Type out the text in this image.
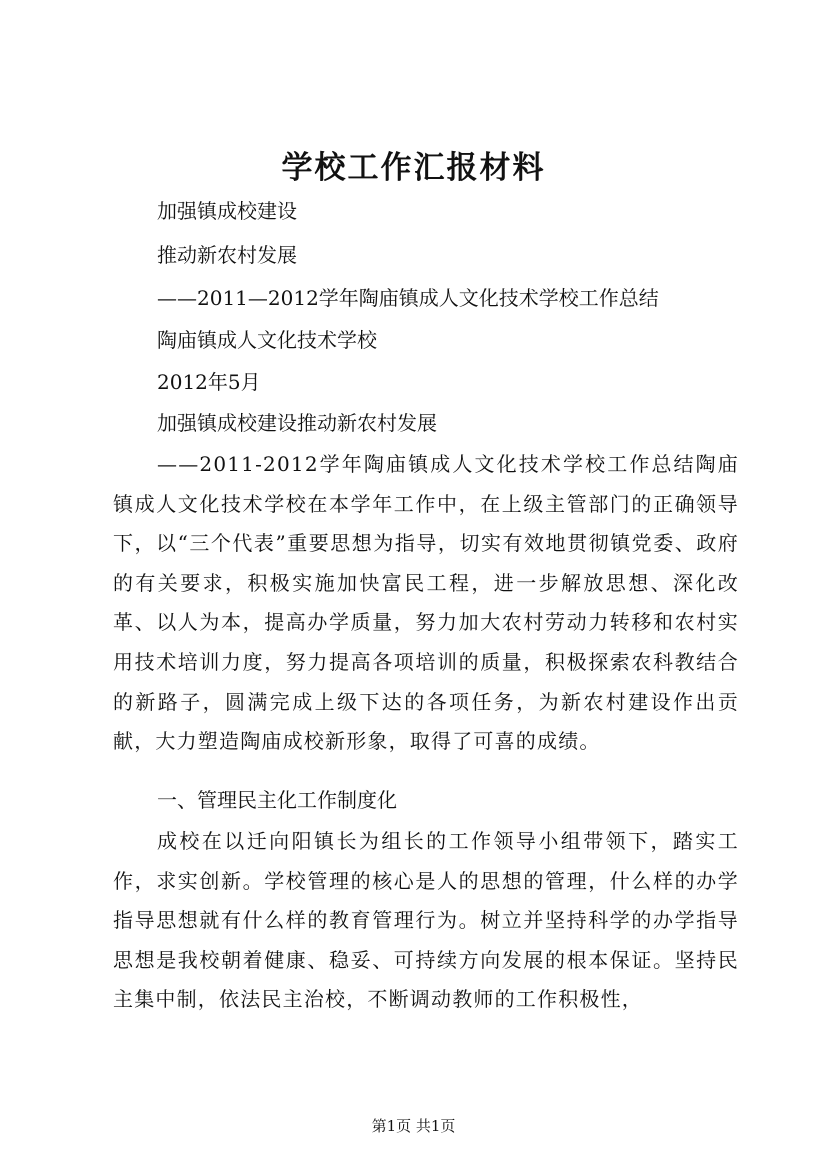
学校工作汇报材料

加强镇成校建设

推动新农村发展

——2011—2012学年陶庙镇成人文化技术学校工作总结

陶庙镇成人文化技术学校

2012年5月

加强镇成校建设推动新农村发展

——2011-2012学年陶庙镇成人文化技术学校工作总结陶庙镇成人文化技术学校在本学年工作中，在上级主管部门的正确领导下，以“三个代表”重要思想为指导，切实有效地贯彻镇党委、政府的有关要求，积极实施加快富民工程，进一步解放思想、深化改革、以人为本，提高办学质量，努力加大农村劳动力转移和农村实用技术培训力度，努力提高各项培训的质量，积极探索农科教结合的新路子，圆满完成上级下达的各项任务，为新农村建设作出贡献，大力塑造陶庙成校新形象，取得了可喜的成绩。

一、管理民主化工作制度化

成校在以迁向阳镇长为组长的工作领导小组带领下，踏实工作，求实创新。学校管理的核心是人的思想的管理，什么样的办学指导思想就有什么样的教育管理行为。树立并坚持科学的办学指导思想是我校朝着健康、稳妥、可持续方向发展的根本保证。坚持民主集中制，依法民主治校，不断调动教师的工作积极性，

第1页 共1页
